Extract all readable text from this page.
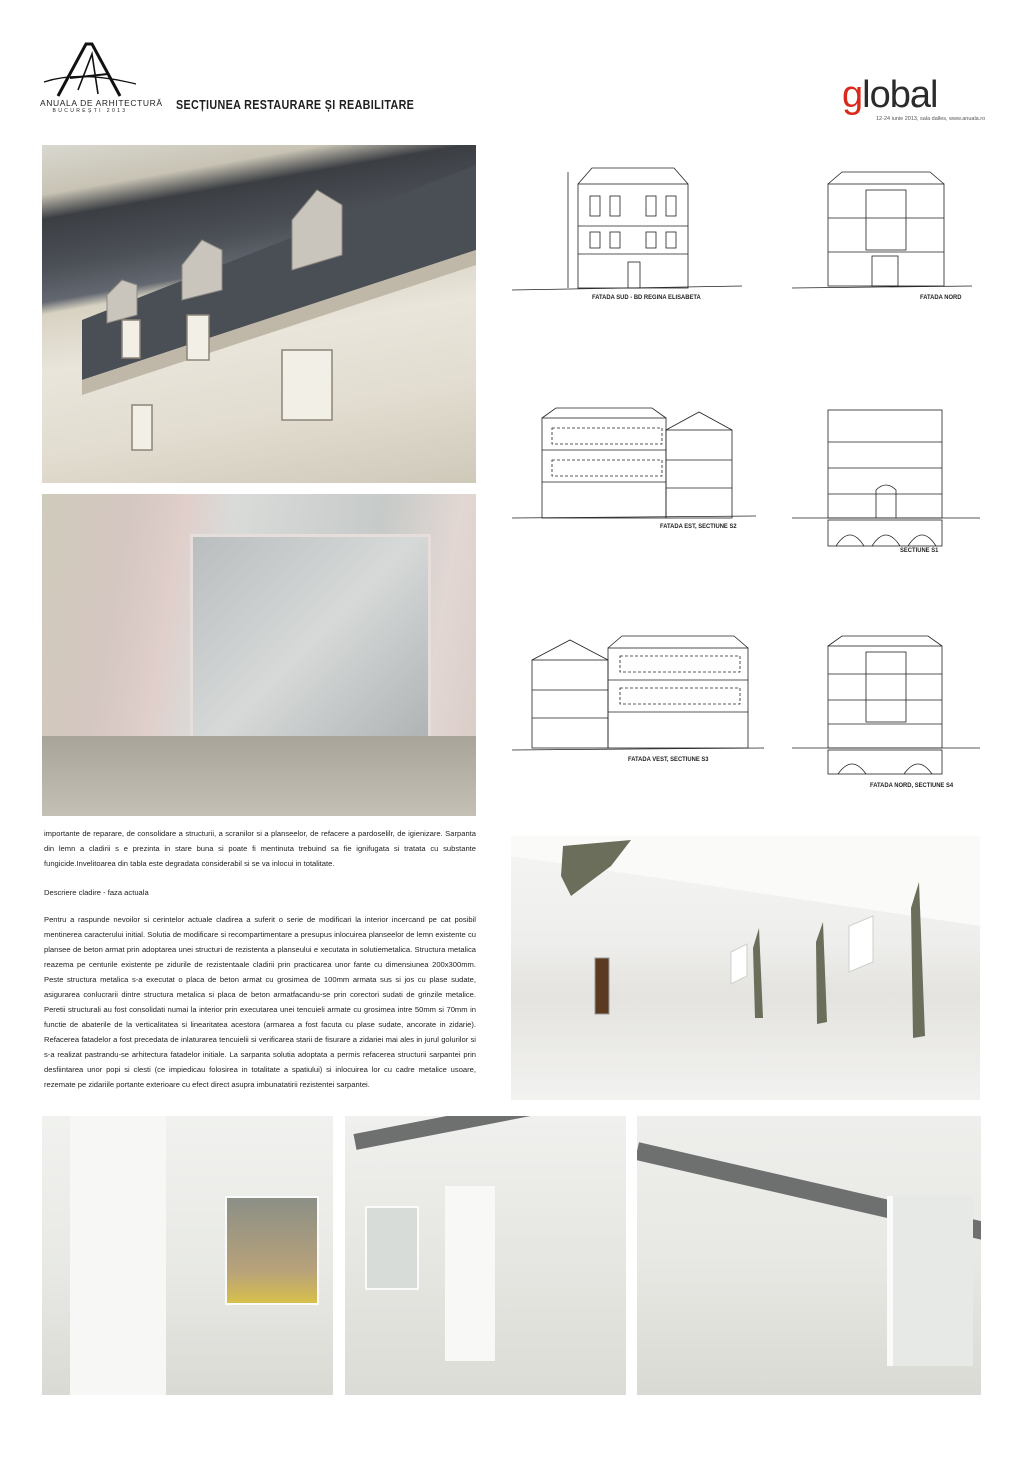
ANUALA DE ARHITECTURĂ
BUCUREȘTI 2013	SECȚIUNEA RESTAURARE ȘI REABILITARE	global
12-24 iunie 2013, sala dalles, www.anuala.ro
FATADA SUD - BD REGINA ELISABETA	FATADA NORD
FATADA EST, SECTIUNE S2
SECTIUNE S1
FATADA VEST, SECTIUNE S3
FATADA NORD, SECTIUNE S4

importante de reparare, de consolidare a structurii, a scranilor si a planseelor, de refacere a pardoselilr, de igienizare. Sarpanta din lemn a cladirii s e prezinta in stare buna si poate fi mentinuta trebuind sa fie ignifugata si tratata cu substante fungicide.Invelitoarea din tabla este degradata considerabil si se va inlocui in totalitate.

Descriere cladire - faza actuala

Pentru a raspunde nevoilor si cerintelor actuale cladirea a suferit o serie de modificari la interior incercand pe cat posibil mentinerea caracterului initial. Solutia de modificare si recompartimentare a presupus inlocuirea planseelor de lemn existente cu plansee de beton armat prin adoptarea unei structuri de rezistenta a planseului e xecutata in solutiemetalica. Structura metalica reazema pe centurile existente pe zidurile de rezistentaale cladirii prin practicarea unor fante cu dimensiunea 200x300mm. Peste structura metalica s-a executat o placa de beton armat cu grosimea de 100mm armata sus si jos cu plase sudate, asigurarea conlucrarii dintre structura metalica si placa de beton armatfacandu-se prin corectori sudati de grinzile metalice. Peretii structurali au fost consolidati numai la interior prin executarea unei tencuieli armate cu grosimea intre 50mm si 70mm in functie de abaterile de la verticalitatea si linearitatea acestora (armarea a fost facuta cu plase sudate, ancorate in zidarie). Refacerea fatadelor a fost precedata de inlaturarea tencuielii si verificarea starii de fisurare a zidariei mai ales in jurul golurilor si s-a realizat pastrandu-se arhitectura fatadelor initiale. La sarpanta solutia adoptata a permis refacerea structurii sarpantei prin desfiintarea unor popi si clesti (ce impiedicau folosirea in totalitate a spatiului) si inlocuirea lor cu cadre metalice usoare, rezemate pe zidariile portante exterioare cu efect direct asupra imbunatatirii rezistentei sarpantei.
